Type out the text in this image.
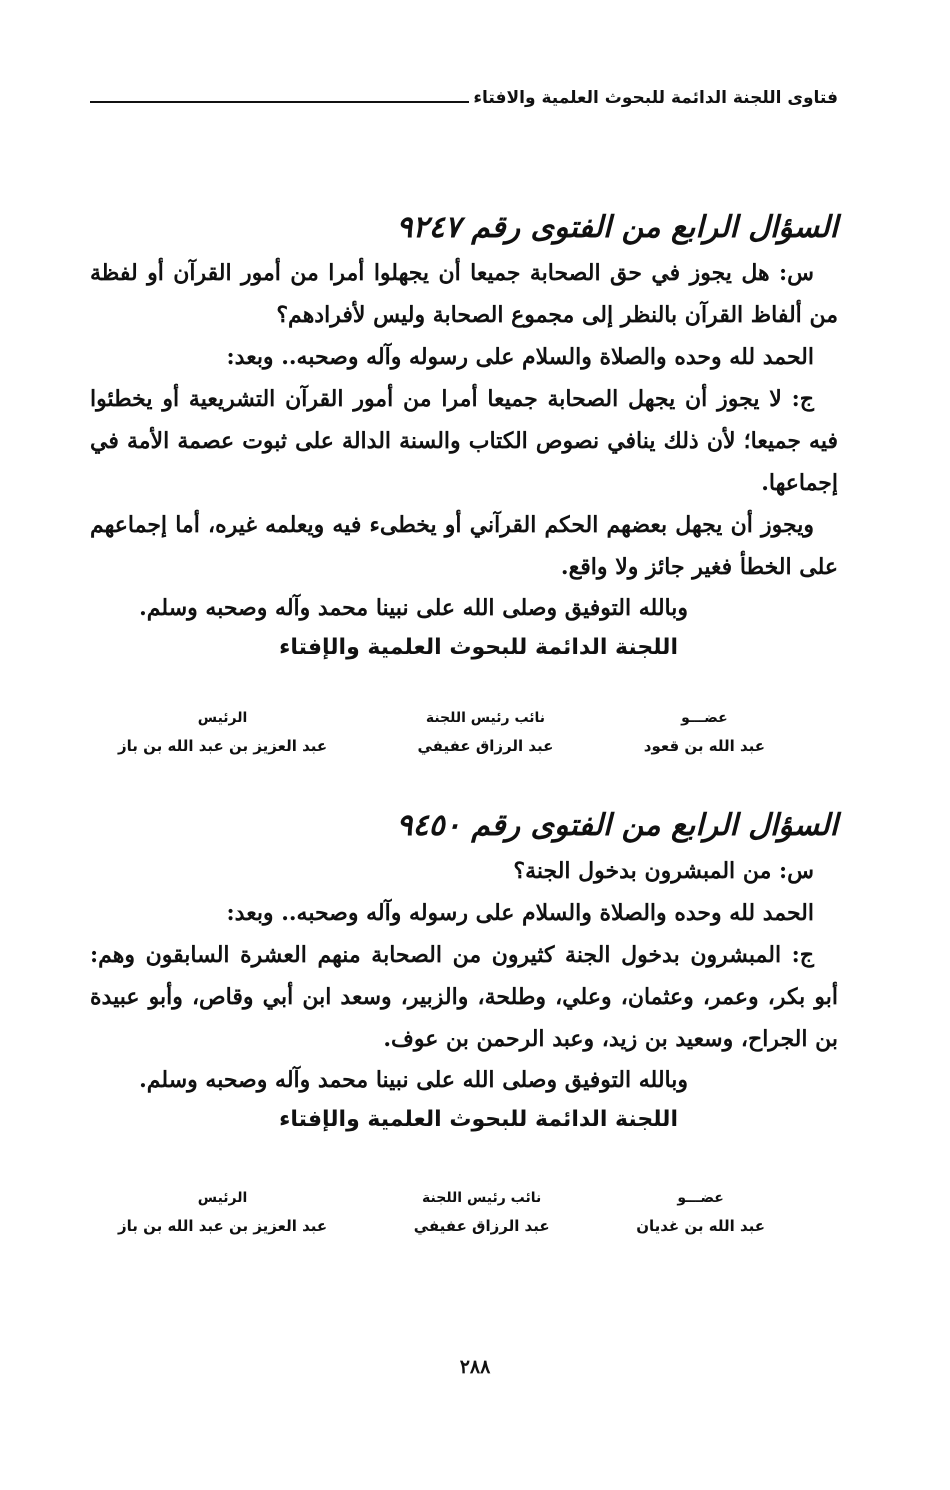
فتاوى اللجنة الدائمة للبحوث العلمية والافتاء
السؤال الرابع من الفتوى رقم ٩٢٤٧
س: هل يجوز في حق الصحابة جميعا أن يجهلوا أمرا من أمور القرآن أو لفظة من ألفاظ القرآن بالنظر إلى مجموع الصحابة وليس لأفرادهم؟
الحمد لله وحده والصلاة والسلام على رسوله وآله وصحبه.. وبعد:
ج: لا يجوز أن يجهل الصحابة جميعا أمرا من أمور القرآن التشريعية أو يخطئوا فيه جميعا؛ لأن ذلك ينافي نصوص الكتاب والسنة الدالة على ثبوت عصمة الأمة في إجماعها.
ويجوز أن يجهل بعضهم الحكم القرآني أو يخطىء فيه ويعلمه غيره، أما إجماعهم على الخطأ فغير جائز ولا واقع.
وبالله التوفيق وصلى الله على نبينا محمد وآله وصحبه وسلم.
اللجنة الدائمة للبحوث العلمية والإفتاء
عضـــو
عبد الله بن قعود
نائب رئيس اللجنة
عبد الرزاق عفيفي
الرئيس
عبد العزيز بن عبد الله بن باز
السؤال الرابع من الفتوى رقم ٩٤٥٠
س: من المبشرون بدخول الجنة؟
الحمد لله وحده والصلاة والسلام على رسوله وآله وصحبه.. وبعد:
ج: المبشرون بدخول الجنة كثيرون من الصحابة منهم العشرة السابقون وهم: أبو بكر، وعمر، وعثمان، وعلي، وطلحة، والزبير، وسعد ابن أبي وقاص، وأبو عبيدة بن الجراح، وسعيد بن زيد، وعبد الرحمن بن عوف.
وبالله التوفيق وصلى الله على نبينا محمد وآله وصحبه وسلم.
اللجنة الدائمة للبحوث العلمية والإفتاء
عضـــو
عبد الله بن غديان
نائب رئيس اللجنة
عبد الرزاق عفيفي
الرئيس
عبد العزيز بن عبد الله بن باز
٢٨٨
